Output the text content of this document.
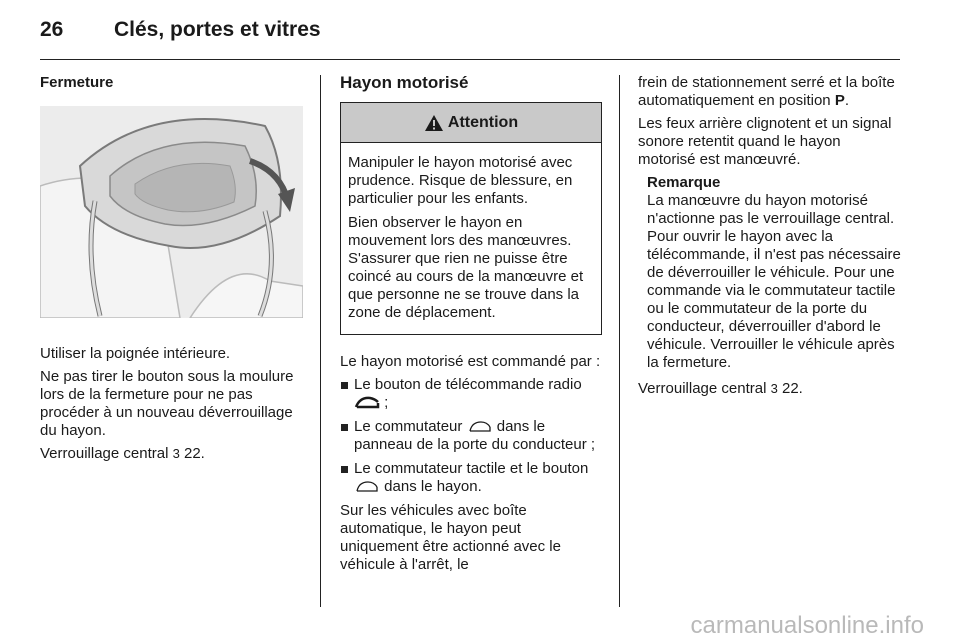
26 Clés, portes et vitres
Fermeture

Utiliser la poignée intérieure.

Ne pas tirer le bouton sous la moulure lors de la fermeture pour ne pas procéder à un nouveau déverrouillage du hayon.

Verrouillage central 3 22.

Hayon motorisé
Attention

Manipuler le hayon motorisé avec prudence. Risque de blessure, en particulier pour les enfants.

Bien observer le hayon en mouvement lors des manœuvres. S'assurer que rien ne puisse être coincé au cours de la manœuvre et que personne ne se trouve dans la zone de déplacement.

Le hayon motorisé est commandé par :

Le bouton de télécommande radio  ;
Le commutateur dans le panneau de la porte du conducteur ;
Le commutateur tactile et le bouton  dans le hayon.

Sur les véhicules avec boîte automatique, le hayon peut uniquement être actionné avec le véhicule à l'arrêt, le

frein de stationnement serré et la boîte automatiquement en position P.

Les feux arrière clignotent et un signal sonore retentit quand le hayon motorisé est manœuvré.

Remarque
La manœuvre du hayon motorisé n'actionne pas le verrouillage central. Pour ouvrir le hayon avec la télécommande, il n'est pas nécessaire de déverrouiller le véhicule. Pour une commande via le commutateur tactile ou le commutateur de la porte du conducteur, déverrouiller d'abord le véhicule. Verrouiller le véhicule après la fermeture.

Verrouillage central 3 22.

carmanualsonline.info
